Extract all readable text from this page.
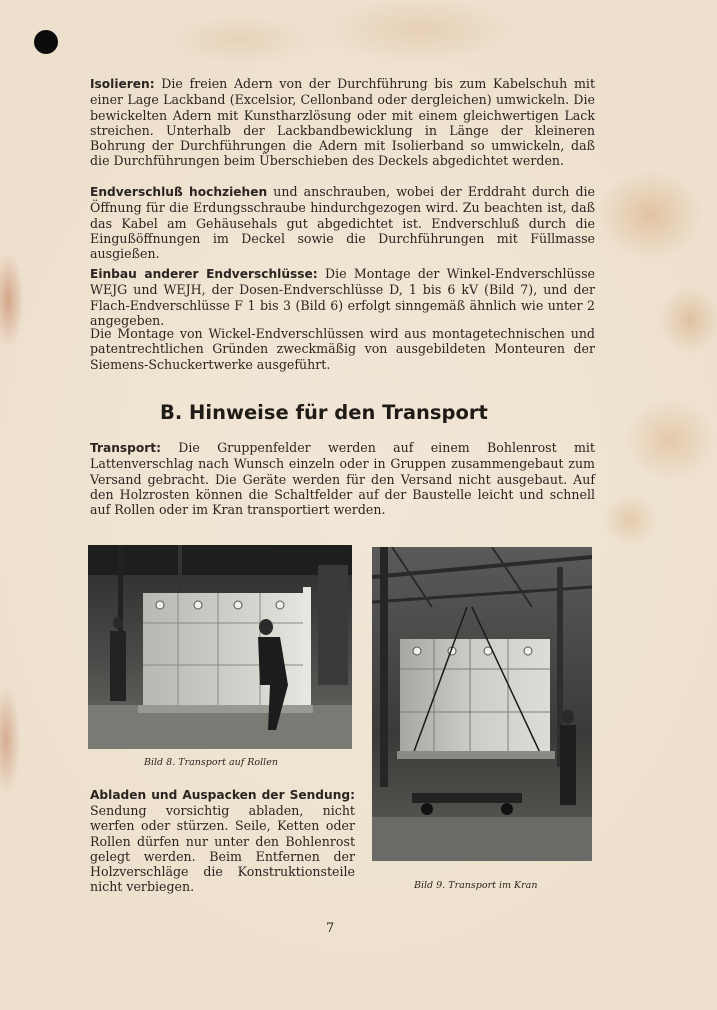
Isolieren: Die freien Adern von der Durchführung bis zum Kabelschuh mit einer Lage Lackband (Excelsior, Cellonband oder dergleichen) umwickeln. Die bewickelten Adern mit Kunstharzlösung oder mit einem gleichwertigen Lack streichen. Unterhalb der Lackbandbewicklung in Länge der kleineren Bohrung der Durchführungen die Adern mit Isolierband so umwickeln, daß die Durchführungen beim Überschieben des Deckels abgedichtet werden.

Endverschluß hochziehen und anschrauben, wobei der Erddraht durch die Öffnung für die Erdungsschraube hindurchgezogen wird. Zu beachten ist, daß das Kabel am Gehäusehals gut abgedichtet ist. Endverschluß durch die Eingußöffnungen im Deckel sowie die Durchführungen mit Füllmasse ausgießen.

Einbau anderer Endverschlüsse: Die Montage der Winkel-Endverschlüsse WEJG und WEJH, der Dosen-Endverschlüsse D, 1 bis 6 kV (Bild 7), und der Flach-Endverschlüsse F 1 bis 3 (Bild 6) erfolgt sinngemäß ähnlich wie unter 2 angegeben.

Die Montage von Wickel-Endverschlüssen wird aus montagetechnischen und patentrechtlichen Gründen zweckmäßig von ausgebildeten Monteuren der Siemens-Schuckertwerke ausgeführt.

B. Hinweise für den Transport

Transport: Die Gruppenfelder werden auf einem Bohlenrost mit Lattenverschlag nach Wunsch einzeln oder in Gruppen zusammengebaut zum Versand gebracht. Die Geräte werden für den Versand nicht ausgebaut. Auf den Holzrosten können die Schaltfelder auf der Baustelle leicht und schnell auf Rollen oder im Kran transportiert werden.

Bild 8. Transport auf Rollen
Bild 9. Transport im Kran

Abladen und Auspacken der Sendung: Sendung vorsichtig abladen, nicht werfen oder stürzen. Seile, Ketten oder Rollen dürfen nur unter den Bohlenrost gelegt werden. Beim Entfernen der Holzverschläge die Konstruktionsteile nicht verbiegen.

7
